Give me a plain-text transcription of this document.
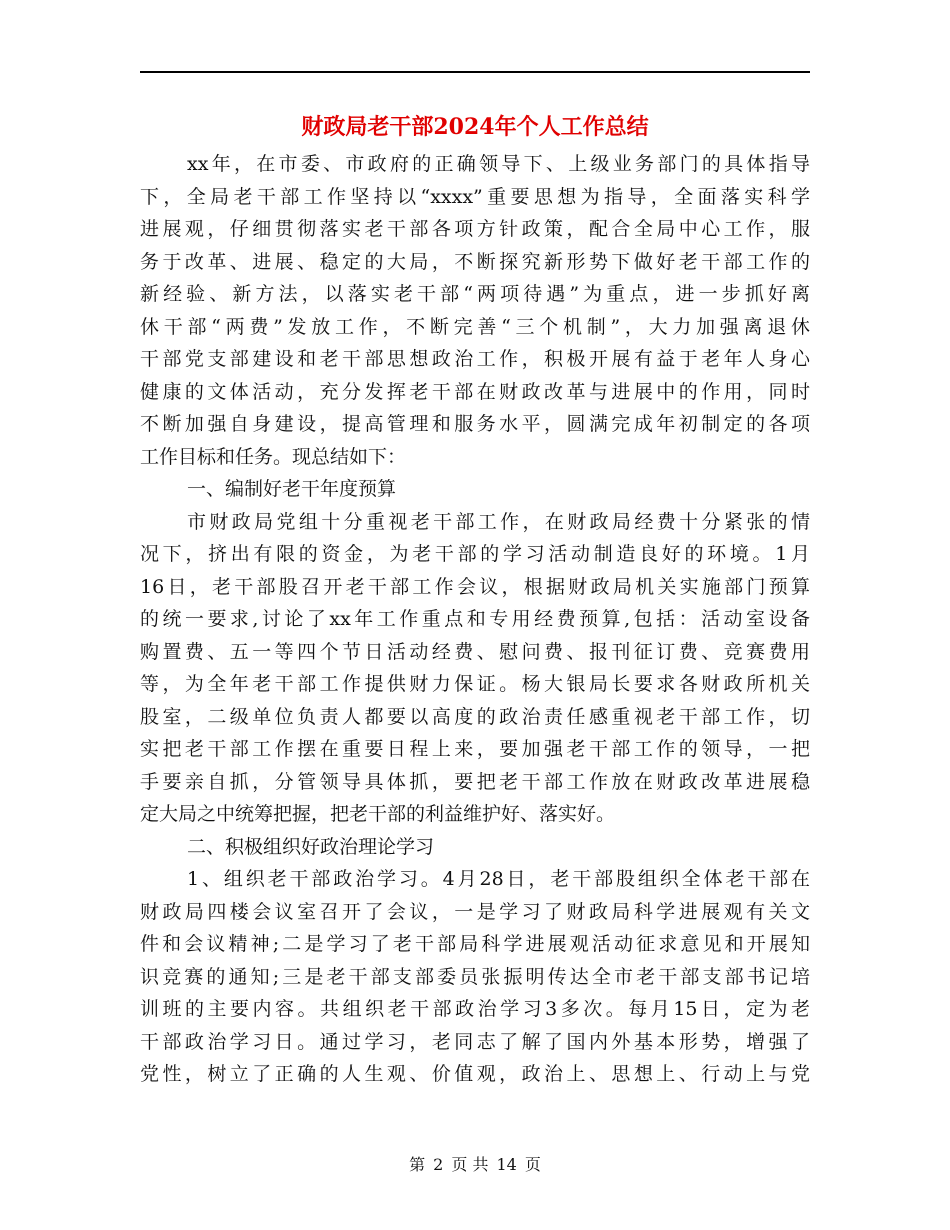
财政局老干部2024年个人工作总结
xx年，在市委、市政府的正确领导下、上级业务部门的具体指导
下，全局老干部工作坚持以“xxxx”重要思想为指导，全面落实科学
进展观，仔细贯彻落实老干部各项方针政策，配合全局中心工作，服
务于改革、进展、稳定的大局，不断探究新形势下做好老干部工作的
新经验、新方法，以落实老干部“两项待遇”为重点，进一步抓好离
休干部“两费”发放工作，不断完善“三个机制”，大力加强离退休
干部党支部建设和老干部思想政治工作，积极开展有益于老年人身心
健康的文体活动，充分发挥老干部在财政改革与进展中的作用，同时
不断加强自身建设，提高管理和服务水平，圆满完成年初制定的各项
工作目标和任务。现总结如下：
一、编制好老干年度预算
市财政局党组十分重视老干部工作，在财政局经费十分紧张的情
况下，挤出有限的资金，为老干部的学习活动制造良好的环境。1月
16日，老干部股召开老干部工作会议，根据财政局机关实施部门预算
的统一要求,讨论了xx年工作重点和专用经费预算,包括：活动室设备
购置费、五一等四个节日活动经费、慰问费、报刊征订费、竞赛费用
等，为全年老干部工作提供财力保证。杨大银局长要求各财政所机关
股室，二级单位负责人都要以高度的政治责任感重视老干部工作，切
实把老干部工作摆在重要日程上来，要加强老干部工作的领导，一把
手要亲自抓，分管领导具体抓，要把老干部工作放在财政改革进展稳
定大局之中统筹把握，把老干部的利益维护好、落实好。
二、积极组织好政治理论学习
1、组织老干部政治学习。4月28日，老干部股组织全体老干部在
财政局四楼会议室召开了会议，一是学习了财政局科学进展观有关文
件和会议精神;二是学习了老干部局科学进展观活动征求意见和开展知
识竞赛的通知;三是老干部支部委员张振明传达全市老干部支部书记培
训班的主要内容。共组织老干部政治学习3多次。每月15日，定为老
干部政治学习日。通过学习，老同志了解了国内外基本形势，增强了
党性，树立了正确的人生观、价值观，政治上、思想上、行动上与党
第 2 页 共 14 页
